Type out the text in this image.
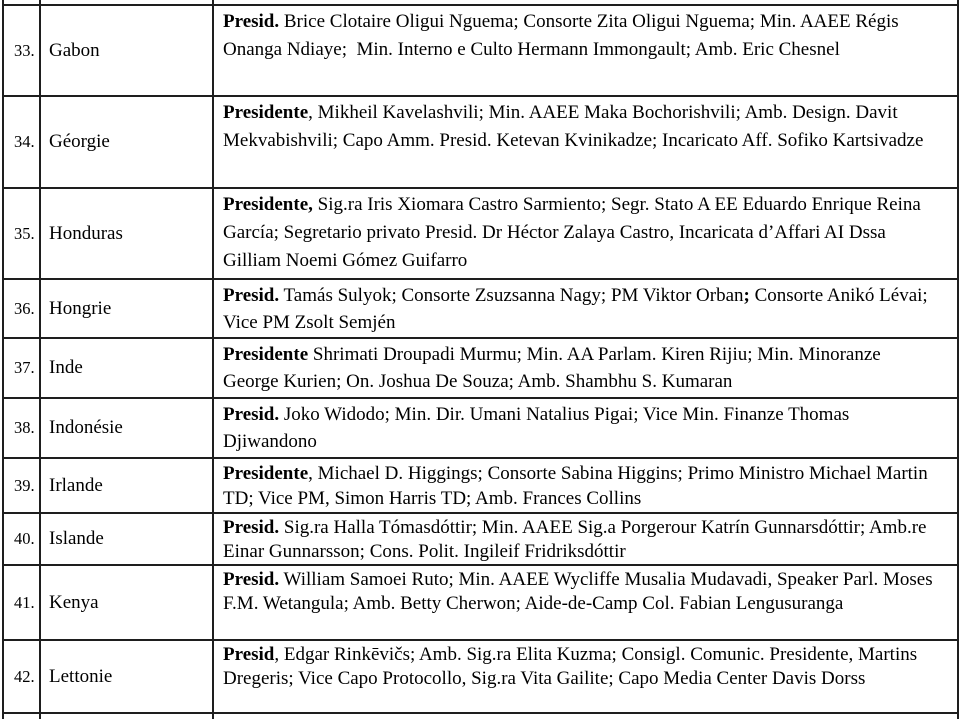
33.	Gabon	Presid. Brice Clotaire Oligui Nguema; Consorte Zita Oligui Nguema; Min. AAEE Régis Onanga Ndiaye;  Min. Interno e Culto Hermann Immongault; Amb. Eric Chesnel
34.	Géorgie	Presidente, Mikheil Kavelashvili; Min. AAEE Maka Bochorishvili; Amb. Design. Davit Mekvabishvili; Capo Amm. Presid. Ketevan Kvinikadze; Incaricato Aff. Sofiko Kartsivadze
35.	Honduras	Presidente, Sig.ra Iris Xiomara Castro Sarmiento; Segr. Stato A EE Eduardo Enrique Reina García; Segretario privato Presid. Dr Héctor Zalaya Castro, Incaricata d’Affari AI Dssa Gilliam Noemi Gómez Guifarro
36.	Hongrie	Presid. Tamás Sulyok; Consorte Zsuzsanna Nagy; PM Viktor Orban; Consorte Anikó Lévai; Vice PM Zsolt Semjén
37.	Inde	Presidente Shrimati Droupadi Murmu; Min. AA Parlam. Kiren Rijiu; Min. Minoranze George Kurien; On. Joshua De Souza; Amb. Shambhu S. Kumaran
38.	Indonésie	Presid. Joko Widodo; Min. Dir. Umani Natalius Pigai; Vice Min. Finanze Thomas Djiwandono
39.	Irlande	Presidente, Michael D. Higgings; Consorte Sabina Higgins; Primo Ministro Michael Martin TD; Vice PM, Simon Harris TD; Amb. Frances Collins
40.	Islande	Presid. Sig.ra Halla Tómasdóttir; Min. AAEE Sig.a Porgerour Katrín Gunnarsdóttir; Amb.re Einar Gunnarsson; Cons. Polit. Ingileif Fridriksdóttir
41.	Kenya	Presid. William Samoei Ruto; Min. AAEE Wycliffe Musalia Mudavadi, Speaker Parl. Moses F.M. Wetangula; Amb. Betty Cherwon; Aide-de-Camp Col. Fabian Lengusuranga
42.	Lettonie	Presid, Edgar Rinkēvičs; Amb. Sig.ra Elita Kuzma; Consigl. Comunic. Presidente, Martins Dregeris; Vice Capo Protocollo, Sig.ra Vita Gailite; Capo Media Center Davis Dorss
